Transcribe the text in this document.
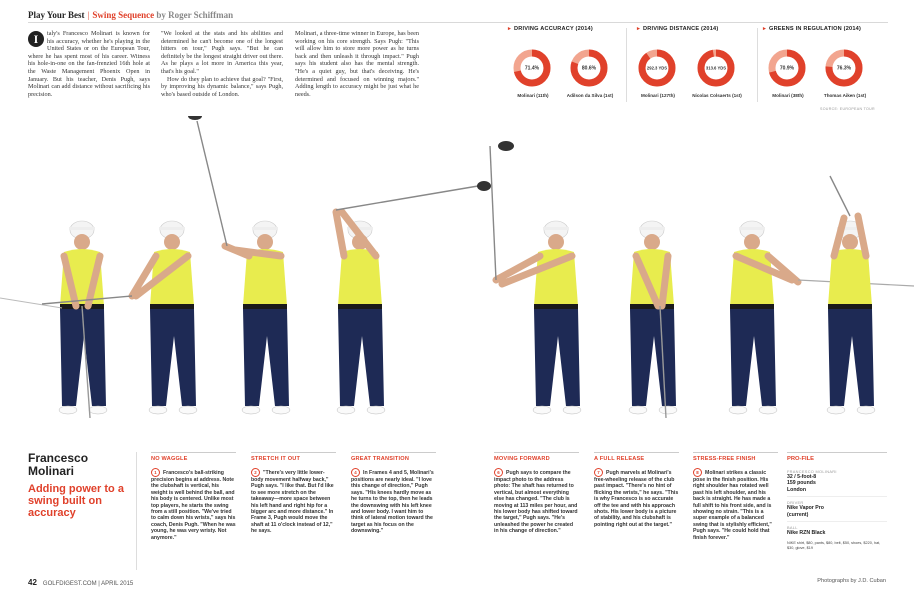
Play Your Best | Swing Sequence by Roger Schiffman
I	taly's Francesco Molinari is known for his accuracy, whether he's playing in the United States or on the European Tour, where he has spent most of his career. Witness his hole-in-one on the fan-frenzied 16th hole at the Waste Management Phoenix Open in January. But his teacher, Denis Pugh, says Molinari can add distance without sacrificing his precision.

"We looked at the stats and his abilities and determined he can't become one of the longest hitters on tour," Pugh says. "But he can definitely be the longest straight driver out there. As he plays a lot more in America this year, that's his goal."

How do they plan to achieve that goal? "First, by improving his dynamic balance," says Pugh, who's based outside of London.

Molinari, a three-time winner in Europe, has been working on his core strength. Says Pugh: "This will allow him to store more power as he turns back and then unleash it through impact." Pugh says his student also has the mental strength. "He's a quiet guy, but that's deceiving. He's determined and focused on winning majors." Adding length to accuracy might be just what he needs.

▸ DRIVING ACCURACY (2014)	▸ DRIVING DISTANCE (2014)	▸ GREENS IN REGULATION (2014)
71.4%	80.6%	292.3 YDS	313.6 YDS	70.9%	76.3%
Molinari (11th)	Adilson da Silva (1st)	Molinari (127th)	Nicolas Colsaerts (1st)	Molinari (38th)	Thomas Aiken (1st)
SOURCE: EUROPEAN TOUR
Francesco Molinari
Adding power to a swing built on accuracy
NO WAGGLE
1 Francesco's ball-striking precision begins at address. Note the clubshaft is vertical, his weight is well behind the ball, and his body is centered. Unlike most top players, he starts the swing from a still position. "We've tried to calm down his wrists," says his coach, Denis Pugh. "When he was young, he was very wristy. Not anymore."
STRETCH IT OUT
2 "There's very little lower-body movement halfway back," Pugh says. "I like that. But I'd like to see more stretch on the takeaway—more space between his left hand and right hip for a bigger arc and more distance." In Frame 3, Pugh would move the shaft at 11 o'clock instead of 12," he says.
GREAT TRANSITION
4 In Frames 4 and 5, Molinari's positions are nearly ideal. "I love this change of direction," Pugh says. "His knees hardly move as he turns to the top, then he leads the downswing with his left knee and lower body. I want him to think of lateral motion toward the target as his focus on the downswing."
MOVING FORWARD
6 Pugh says to compare the impact photo to the address photo: The shaft has returned to vertical, but almost everything else has changed. "The club is moving at 113 miles per hour, and his lower body has shifted toward the target," Pugh says. "He's unleashed the power he created in his change of direction."
A FULL RELEASE
7 Pugh marvels at Molinari's free-wheeling release of the club past impact. "There's no hint of flicking the wrists," he says. "This is why Francesco is so accurate off the tee and with his approach shots. His lower body is a picture of stability, and his clubshaft is pointing right out at the target."
STRESS-FREE FINISH
8 Molinari strikes a classic pose in the finish position. His right shoulder has rotated well past his left shoulder, and his back is straight. He has made a full shift to his front side, and is showing no strain. "This is a super example of a balanced swing that is stylishly efficient," Pugh says. "He could hold that finish forever."
PRO-FILE
FRANCESCO MOLINARI
32 / 5-foot-8
159 pounds
London
DRIVER
Nike Vapor Pro
(current)
BALL
Nike RZN Black
NIKE shirt, $80, pants, $80, belt, $50, shoes, $220, hat, $30, glove, $19
42 GOLFDIGEST.COM | APRIL 2015	Photographs by J.D. Cuban
